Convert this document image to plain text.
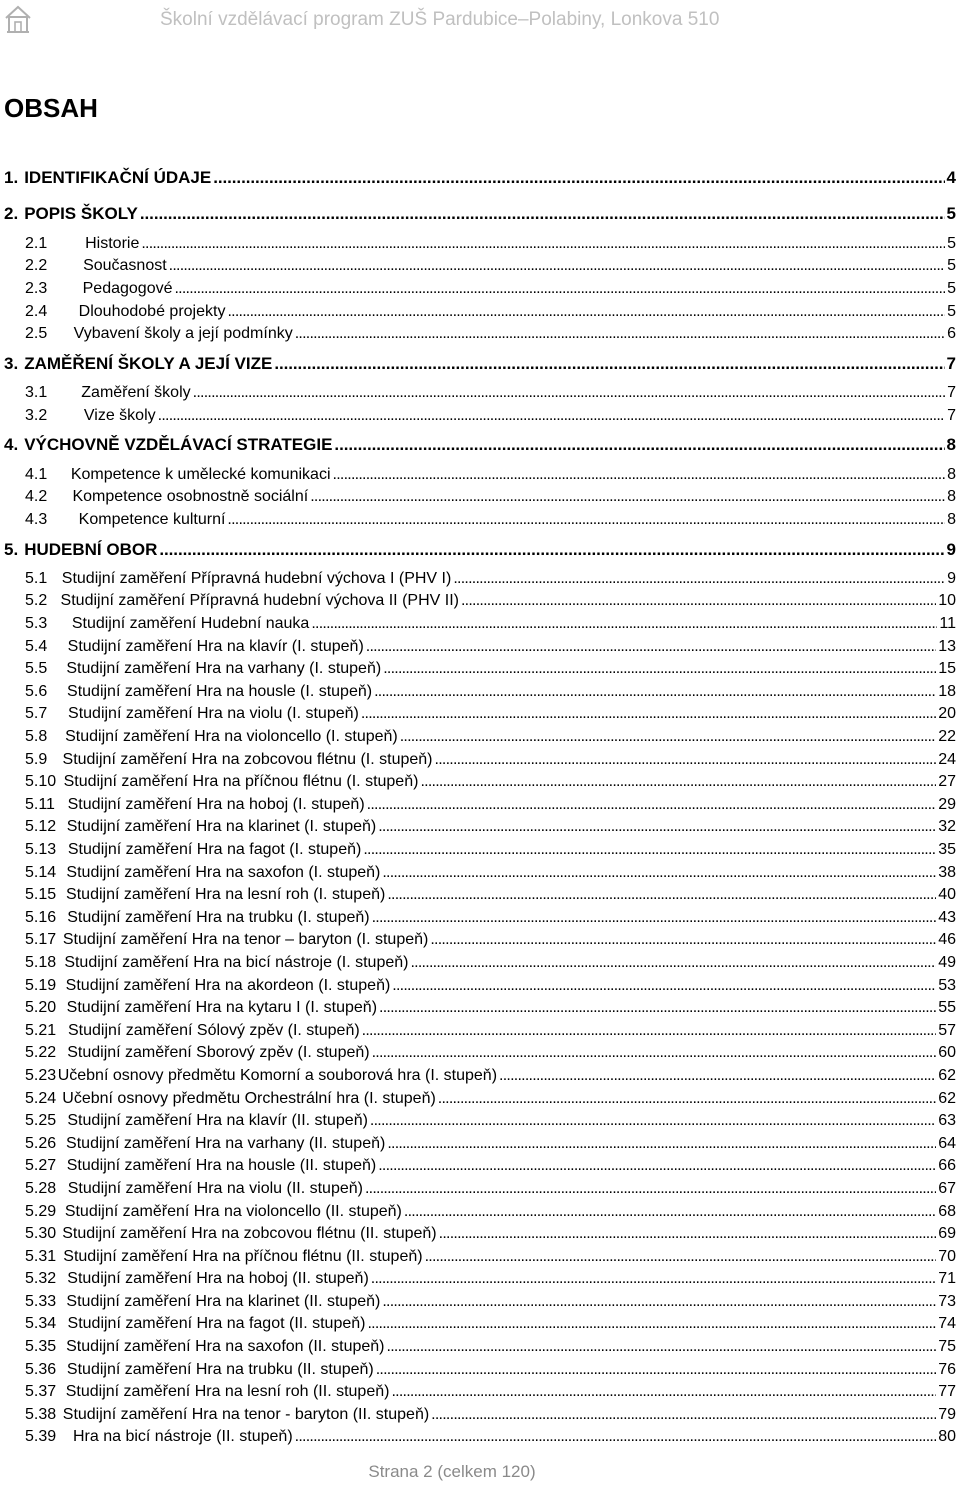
Školní vzdělávací program ZUŠ Pardubice–Polabiny, Lonkova 510
OBSAH
1. IDENTIFIKAČNÍ ÚDAJE . . .	4
2. POPIS ŠKOLY . . .	5
2.1	Historie . . .	5
2.2	Současnost . . .	5
2.3	Pedagogové . . .	5
2.4	Dlouhodobé projekty . . .	5
2.5	Vybavení školy a její podmínky . . .	6
3. ZAMĚŘENÍ ŠKOLY A JEJÍ VIZE . . .	7
3.1	Zaměření školy . . .	7
3.2	Vize školy . . .	7
4. VÝCHOVNĚ VZDĚLÁVACÍ STRATEGIE . . .	8
4.1	Kompetence k umělecké komunikaci . . .	8
4.2	Kompetence osobnostně sociální . . .	8
4.3	Kompetence kulturní . . .	8
5. HUDEBNÍ OBOR . . .	9
5.1 Studijní zaměření Přípravná hudební výchova I (PHV I) . . .	9
5.2 Studijní zaměření Přípravná hudební výchova II (PHV II) . . .	10
5.3	Studijní zaměření Hudební nauka . . .	11
5.4	Studijní zaměření Hra na klavír (I. stupeň) . . .	13
5.5	Studijní zaměření Hra na varhany (I. stupeň) . . .	15
5.6	Studijní zaměření Hra na housle (I. stupeň) . . .	18
5.7	Studijní zaměření Hra na violu (I. stupeň) . . .	20
5.8	Studijní zaměření Hra na violoncello (I. stupeň) . . .	22
5.9 Studijní zaměření Hra na zobcovou flétnu (I. stupeň) . . .	24
5.10 Studijní zaměření Hra na příčnou flétnu (I. stupeň) . . .	27
5.11 Studijní zaměření Hra na hoboj (I. stupeň) . . .	29
5.12 Studijní zaměření Hra na klarinet (I. stupeň) . . .	32
5.13 Studijní zaměření Hra na fagot (I. stupeň) . . .	35
5.14 Studijní zaměření Hra na saxofon (I. stupeň) . . .	38
5.15 Studijní zaměření Hra na lesní roh (I. stupeň) . . .	40
5.16 Studijní zaměření Hra na trubku (I. stupeň) . . .	43
5.17 Studijní zaměření Hra na tenor – baryton (I. stupeň) . . .	46
5.18 Studijní zaměření Hra na bicí nástroje (I. stupeň) . . .	49
5.19 Studijní zaměření Hra na akordeon (I. stupeň) . . .	53
5.20 Studijní zaměření Hra na kytaru I (I. stupeň) . . .	55
5.21 Studijní zaměření Sólový zpěv (I. stupeň) . . .	57
5.22 Studijní zaměření Sborový zpěv (I. stupeň) . . .	60
5.23 Učební osnovy předmětu Komorní a souborová hra (I. stupeň) . . .	62
5.24 Učební osnovy předmětu Orchestrální hra (I. stupeň) . . .	62
5.25 Studijní zaměření Hra na klavír (II. stupeň) . . .	63
5.26 Studijní zaměření Hra na varhany (II. stupeň) . . .	64
5.27 Studijní zaměření Hra na housle (II. stupeň) . . .	66
5.28 Studijní zaměření Hra na violu (II. stupeň) . . .	67
5.29 Studijní zaměření Hra na violoncello (II. stupeň) . . .	68
5.30 Studijní zaměření Hra na zobcovou flétnu (II. stupeň) . . .	69
5.31 Studijní zaměření Hra na příčnou flétnu (II. stupeň) . . .	70
5.32 Studijní zaměření Hra na hoboj (II. stupeň) . . .	71
5.33 Studijní zaměření Hra na klarinet (II. stupeň) . . .	73
5.34 Studijní zaměření Hra na fagot (II. stupeň) . . .	74
5.35 Studijní zaměření Hra na saxofon (II. stupeň) . . .	75
5.36 Studijní zaměření Hra na trubku (II. stupeň) . . .	76
5.37 Studijní zaměření Hra na lesní roh (II. stupeň) . . .	77
5.38 Studijní zaměření Hra na tenor - baryton (II. stupeň) . . .	79
5.39	Hra na bicí nástroje (II. stupeň) . . .	80
Strana 2 (celkem 120)
